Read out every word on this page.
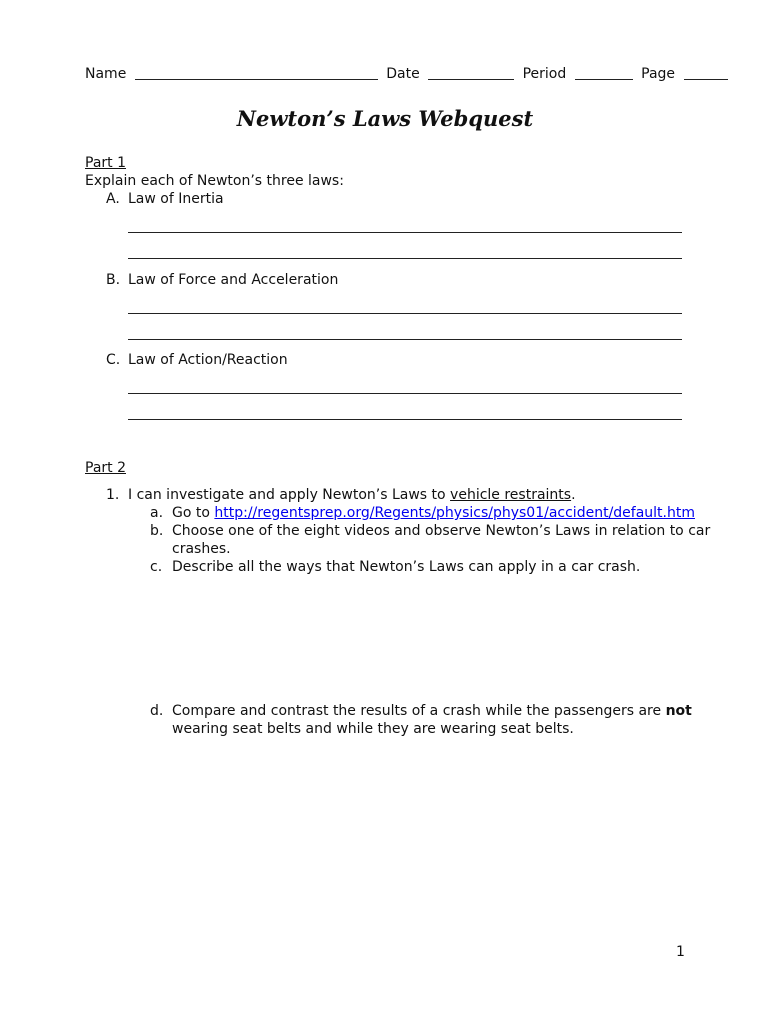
Name	Date	Period	Page
Newton’s Laws Webquest
Part 1
Explain each of Newton’s three laws:
A. Law of Inertia
B. Law of Force and Acceleration
C. Law of Action/Reaction
Part 2
1. I can investigate and apply Newton’s Laws to vehicle restraints.
a. Go to http://regentsprep.org/Regents/physics/phys01/accident/default.htm
b. Choose one of the eight videos and observe Newton’s Laws in relation to car
crashes.
c. Describe all the ways that Newton’s Laws can apply in a car crash.
d. Compare and contrast the results of a crash while the passengers are not
wearing seat belts and while they are wearing seat belts.
1
